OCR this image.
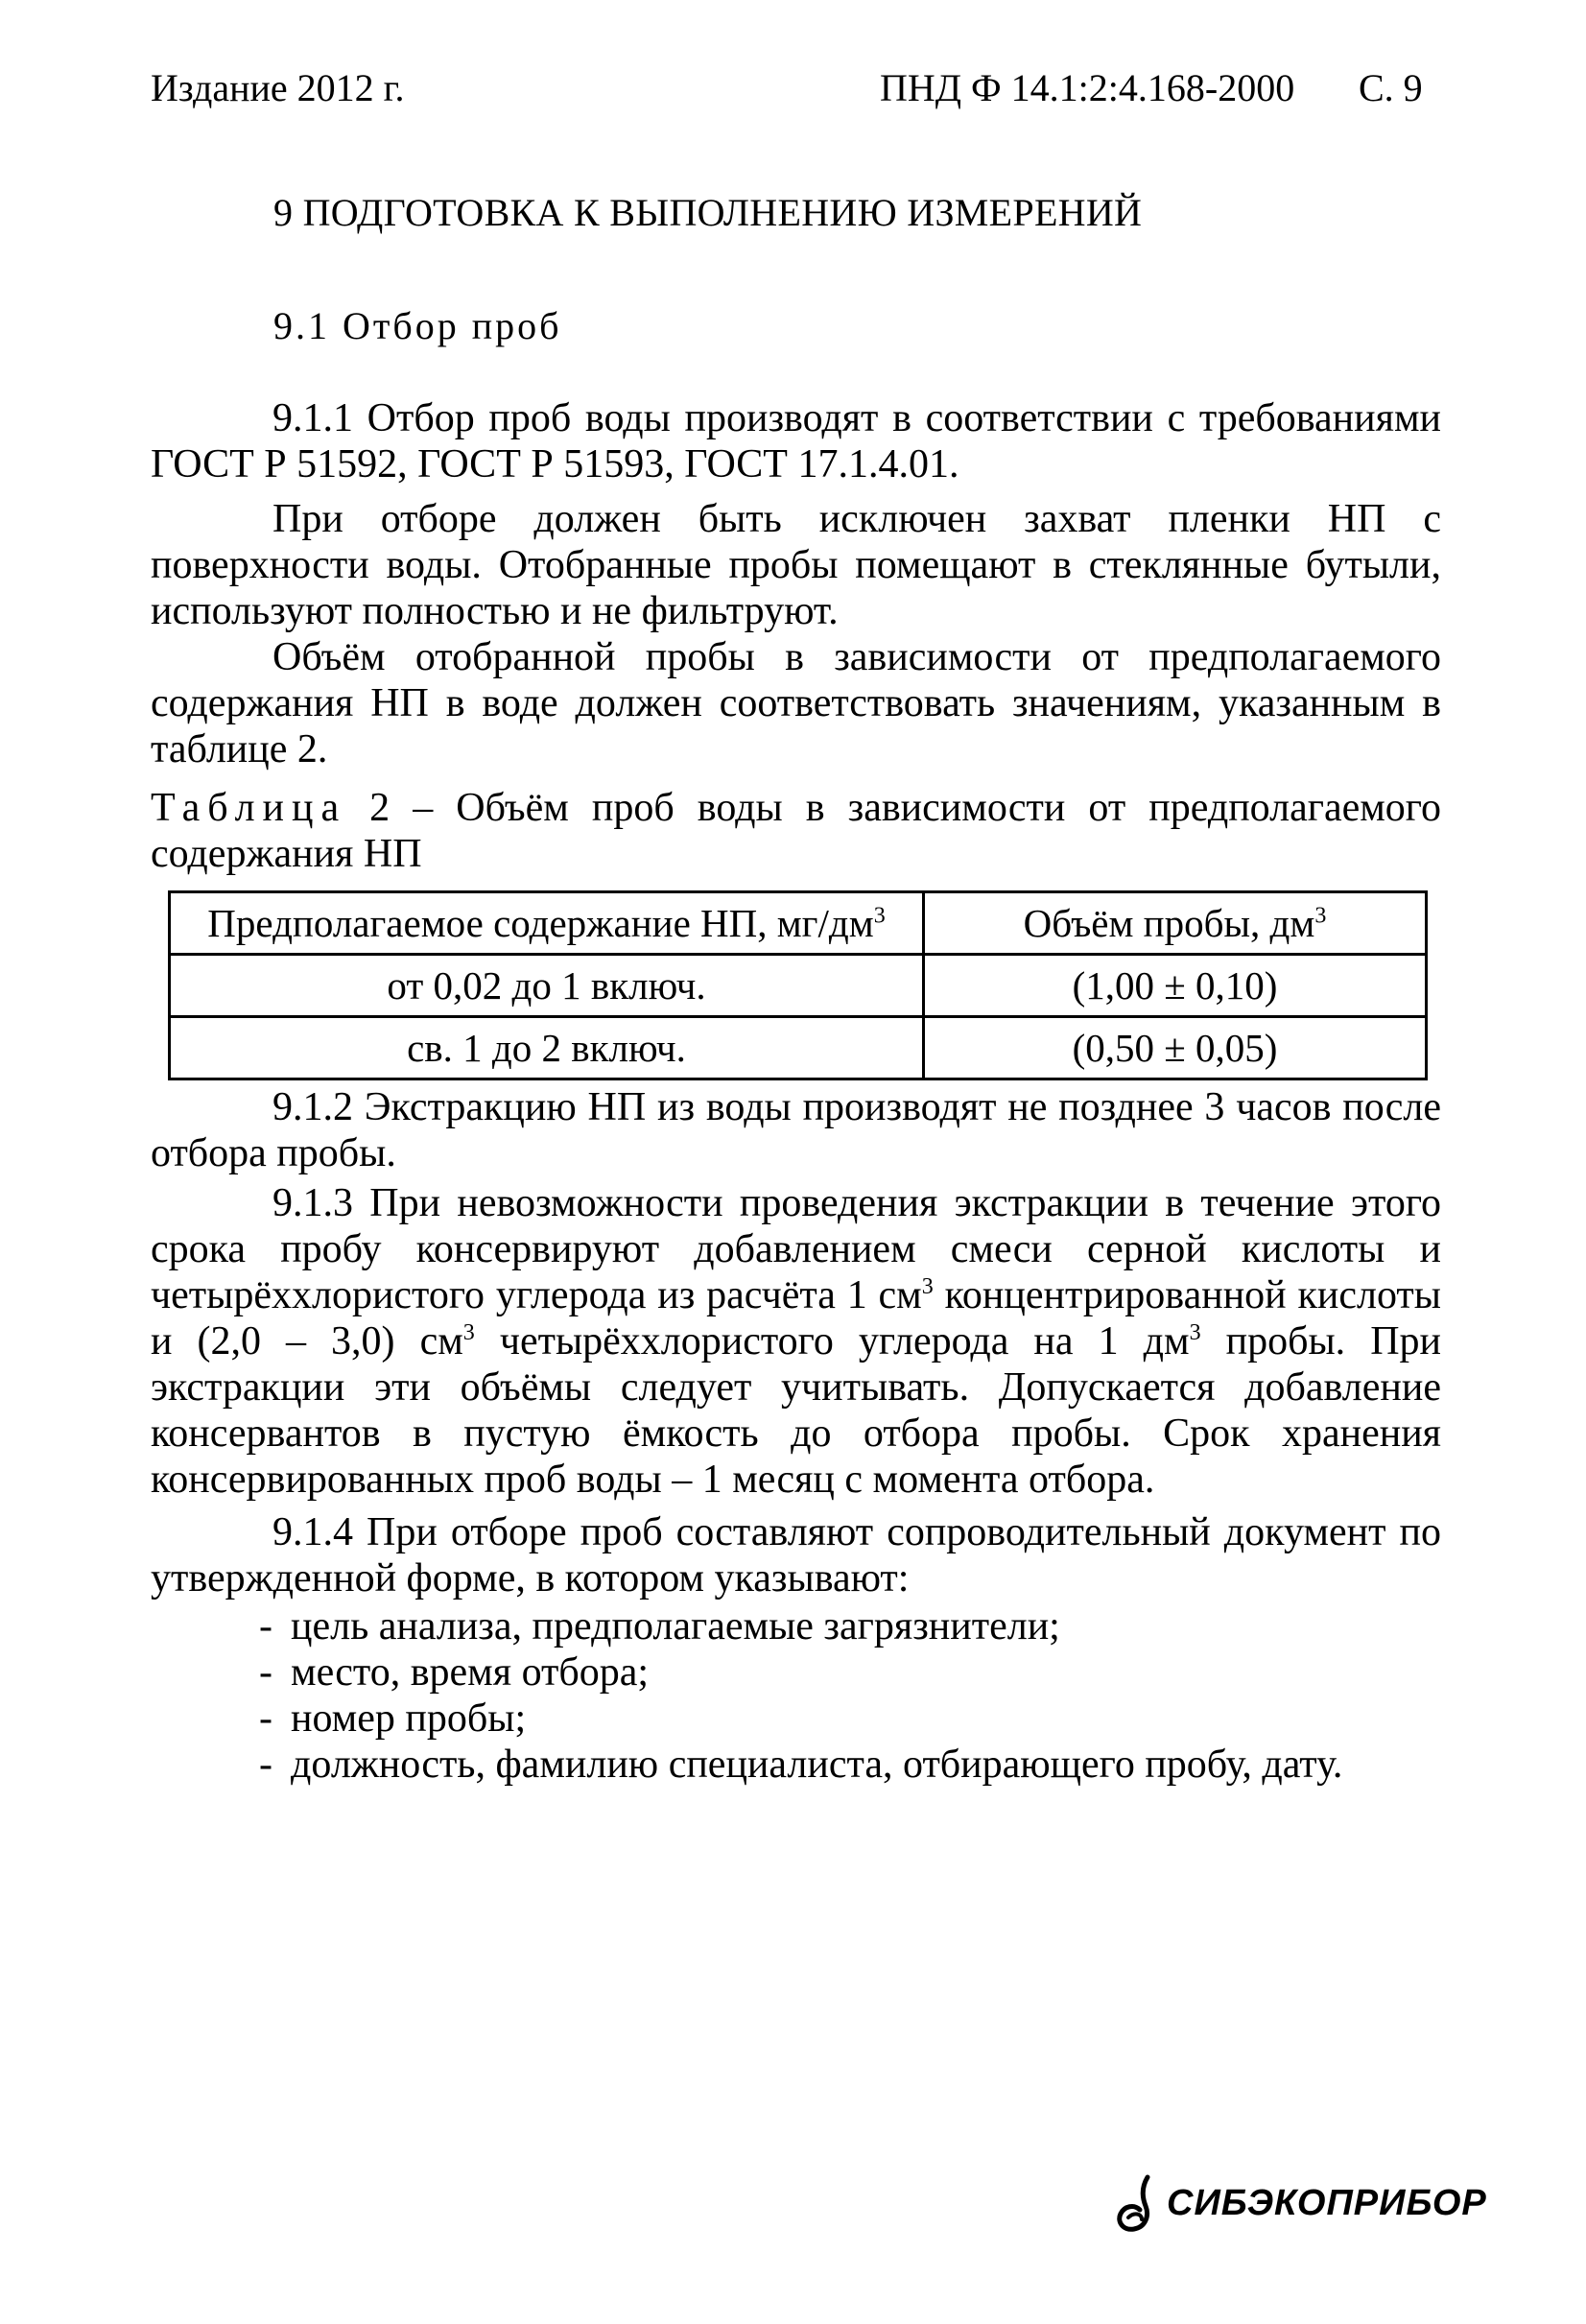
Издание 2012 г.	ПНД Ф 14.1:2:4.168-2000 С. 9
9 ПОДГОТОВКА К ВЫПОЛНЕНИЮ ИЗМЕРЕНИЙ
9.1 Отбор проб

9.1.1 Отбор проб воды производят в соответствии с требованиями ГОСТ Р 51592, ГОСТ Р 51593, ГОСТ 17.1.4.01.

При отборе должен быть исключен захват пленки НП с поверхности воды. Отобранные пробы помещают в стеклянные бутыли, используют полностью и не фильтруют.

Объём отобранной пробы в зависимости от предполагаемого содержания НП в воде должен соответствовать значениям, указанным в таблице 2.

Таблица 2 – Объём проб воды в зависимости от предполагаемого содержания НП

Предполагаемое содержание НП, $мг/дм^3$	Объём пробы, $дм^3$
от 0,02 до 1 включ.	(1,00 ± 0,10)
св. 1 до 2 включ.	(0,50 ± 0,05)

9.1.2 Экстракцию НП из воды производят не позднее 3 часов после отбора пробы.

9.1.3 При невозможности проведения экстракции в течение этого срока пробу консервируют добавлением смеси серной кислоты и четырёххлористого углерода из расчёта 1 $см^3$ концентрированной кислоты и (2,0 – 3,0) $см^3$ четырёххлористого углерода на 1 $дм^3$ пробы. При экстракции эти объёмы следует учитывать. Допускается добавление консервантов в пустую ёмкость до отбора пробы. Срок хранения консервированных проб воды – 1 месяц с момента отбора.

9.1.4 При отборе проб составляют сопроводительный документ по утвержденной форме, в котором указывают:

- цель анализа, предполагаемые загрязнители;
- место, время отбора;
- номер пробы;
- должность, фамилию специалиста, отбирающего пробу, дату.
СИБЭКОПРИБОР
